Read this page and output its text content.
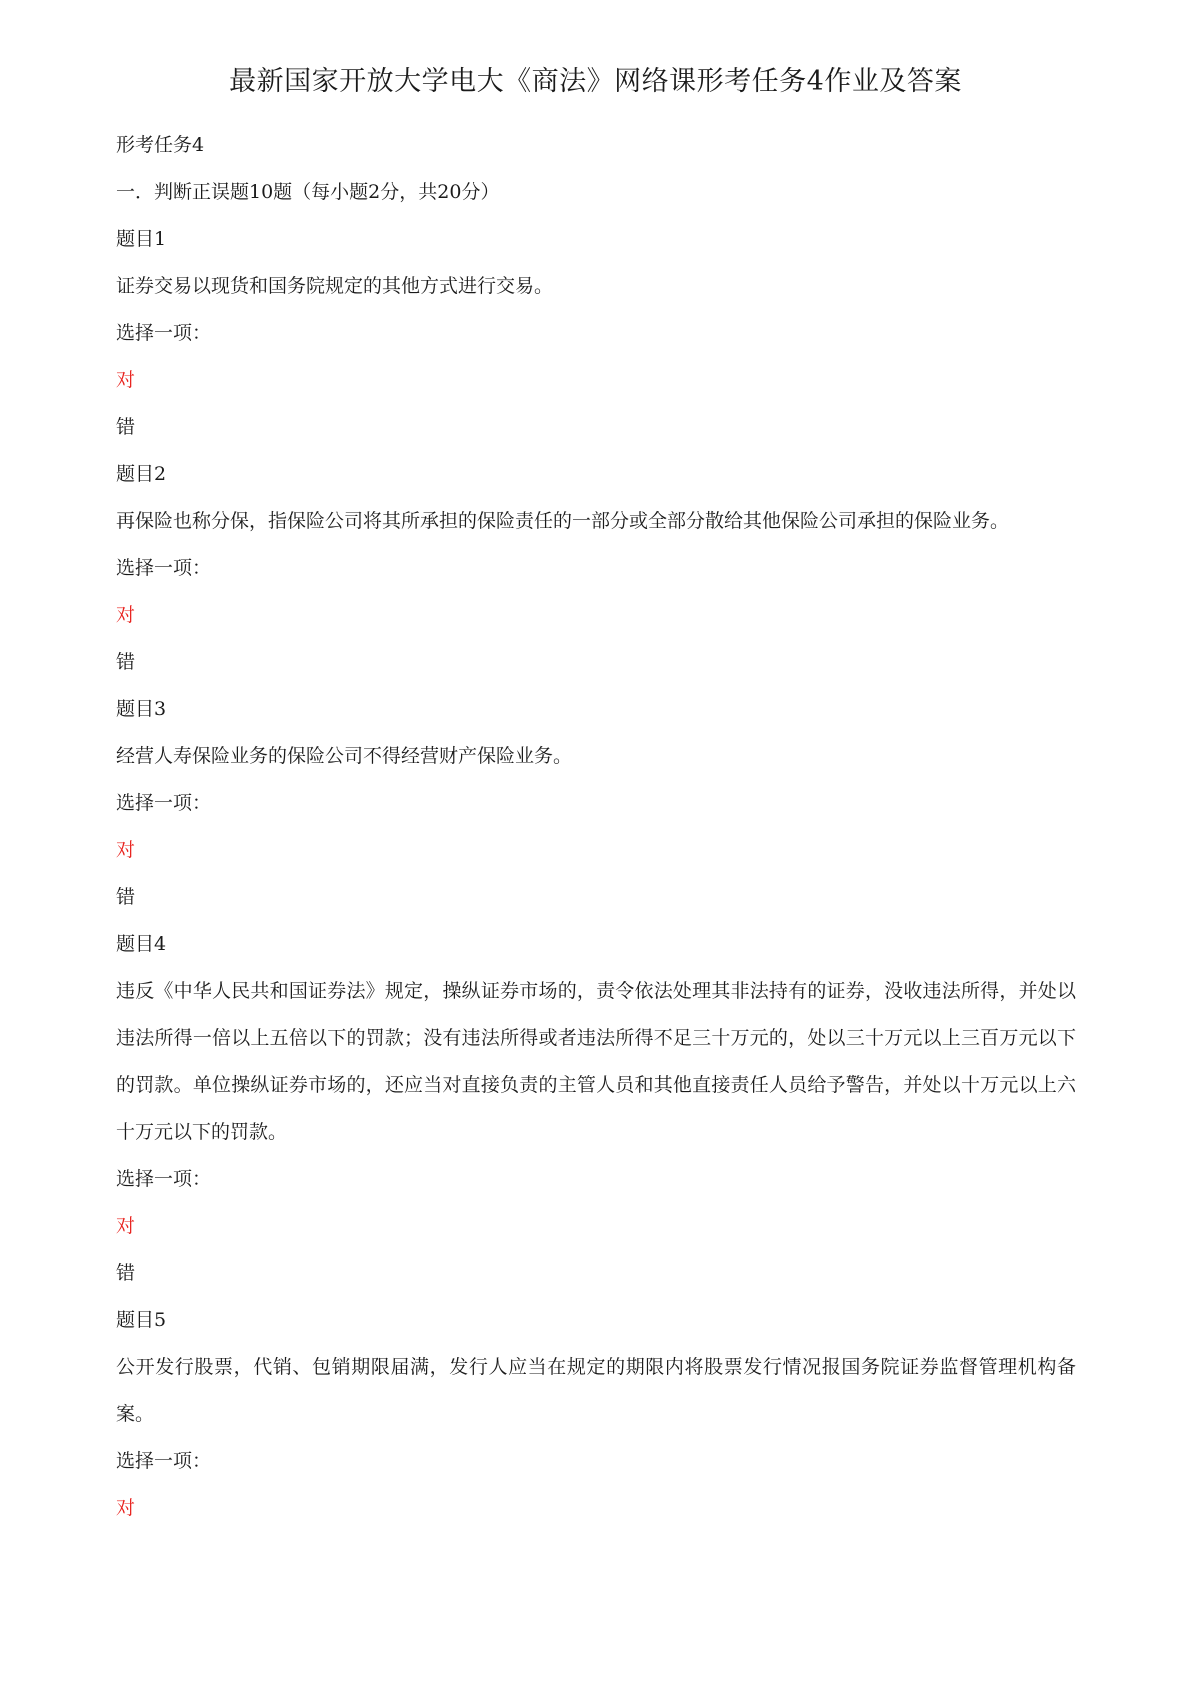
最新国家开放大学电大《商法》网络课形考任务4作业及答案

形考任务4

一．判断正误题10题（每小题2分，共20分）

题目1

证券交易以现货和国务院规定的其他方式进行交易。

选择一项：

对

错

题目2

再保险也称分保，指保险公司将其所承担的保险责任的一部分或全部分散给其他保险公司承担的保险业务。

选择一项：

对

错

题目3

经营人寿保险业务的保险公司不得经营财产保险业务。

选择一项：

对

错

题目4

违反《中华人民共和国证券法》规定，操纵证券市场的，责令依法处理其非法持有的证券，没收违法所得，并处以违法所得一倍以上五倍以下的罚款；没有违法所得或者违法所得不足三十万元的，处以三十万元以上三百万元以下的罚款。单位操纵证券市场的，还应当对直接负责的主管人员和其他直接责任人员给予警告，并处以十万元以上六十万元以下的罚款。

选择一项：

对

错

题目5

公开发行股票，代销、包销期限届满，发行人应当在规定的期限内将股票发行情况报国务院证券监督管理机构备案。

选择一项：

对
